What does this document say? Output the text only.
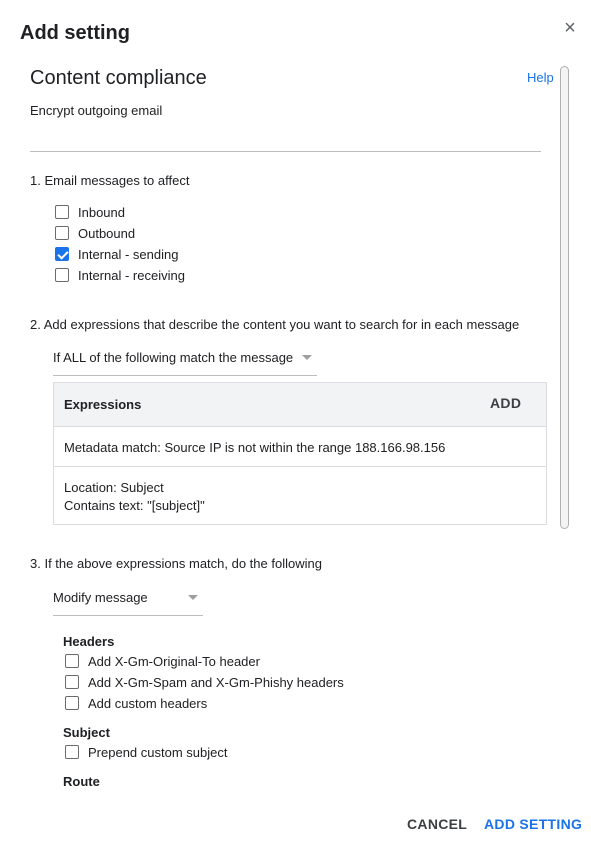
Add setting	×
Content compliance	Help
Encrypt outgoing email
1. Email messages to affect
Inbound
Outbound
Internal - sending
Internal - receiving
2. Add expressions that describe the content you want to search for in each message
If ALL of the following match the message
Expressions	ADD
Metadata match: Source IP is not within the range 188.166.98.156
Location: Subject
Contains text: "[subject]"
3. If the above expressions match, do the following
Modify message
Headers
Add X-Gm-Original-To header
Add X-Gm-Spam and X-Gm-Phishy headers
Add custom headers
Subject
Prepend custom subject
Route
CANCEL ADD SETTING
